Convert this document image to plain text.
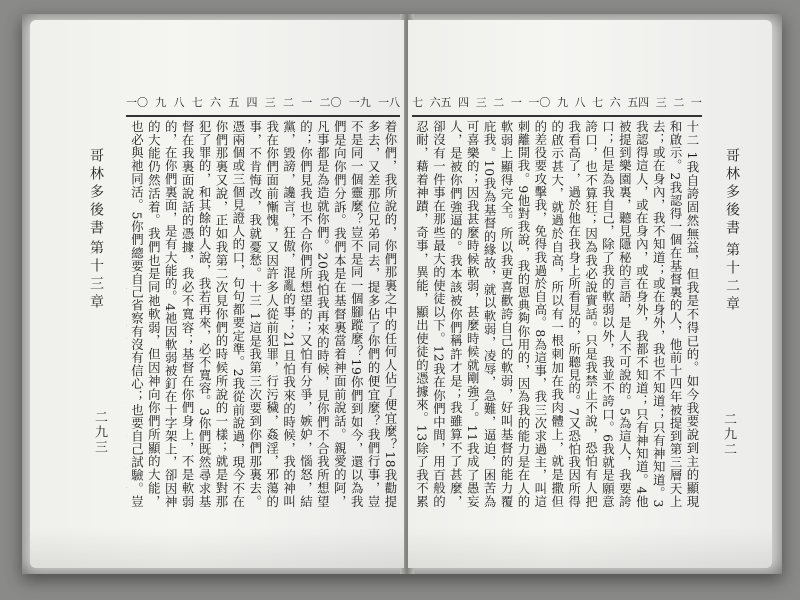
一〇 九 八 七 六 五 四 三 二 一 二〇 一九 一八
哥林多後書
第十三章
二九三	着你們，我所說的，你們那裏之中的任何人佔了便宜麼？18我勸提多去，又差那位兄弟同去，提多佔了你們的便宜麼？我們行事，豈不是同一個靈麼？豈不是同一個腳蹤麼？19你們到如今，還以為我們是向你們分訴。我們本是在基督裏當着神面前說話。親愛的阿，凡事都是為造就你們。20我怕我再來的時候，見你們不合我所想望的；你們見我也不合你們所想望的；又怕有分爭，嫉妒，惱怒，結黨，毀謗，讒言，狂傲，混亂的事；21且怕我來的時候，我的神叫我在你們面前慚愧，又因許多人從前犯罪，行污穢，姦淫，邪蕩的事，不肯悔改，我就憂愁。十三 1這是我第三次要到你們那裏去。憑兩個或三個見證人的口，句句都要定準。2我從前說過，現今不在你們那裏又說，正如我第二次見你們的時候所說的一樣；就是對那犯了罪的，和其餘的人說，我若再來，必不寬容。3你們既然尋求基督在我裏面說話的憑據，我必不寬容；基督在你們身上，不是軟弱的，在你們裏面，是有大能的。4祂因軟弱被釘在十字架上，卻因神的大能仍然活着。我們也是同祂軟弱，但因神向你們所顯的大能，也必與祂同活。5你們總要自己省察有沒有信心；也要自己試驗。豈
七 六五 四 三 二 一 一〇 九 八 七 六 五四 三 二 一
哥林多後書
第十二章
二九二
十二 1我自誇固然無益，但我是不得已的。如今我要說到主的顯現和啟示。2我認得一個在基督裏的人，他前十四年被提到第三層天上去；或在身內，我不知道；或在身外，我也不知道；只有神知道。3我認得這人，或在身內，或在身外，我都不知道；只有神知道。4他被提到樂園裏，聽見隱秘的言語，是人不可說的。5為這人，我要誇口；但是為我自己，除了我的軟弱以外，我並不誇口。6我就是願意誇口，也不算狂；因為我必說實話。只是我禁止不說，恐怕有人把我看高了，過於他在我身上所看見的，所聽見的。7又恐怕我因所得的啟示甚大，就過於自高，所以有一根刺加在我肉體上，就是撒但的差役要攻擊我，免得我過於自高。8為這事，我三次求過主，叫這刺離開我。9他對我說，我的恩典夠你用的，因為我的能力是在人的軟弱上顯得完全。所以我更喜歡誇自己的軟弱，好叫基督的能力覆庇我。10我為基督的緣故，就以軟弱，凌辱，急難，逼迫，困苦為可喜樂的；因我甚麼時候軟弱，甚麼時候就剛強了。11我成了愚妄人，是被你們強逼的。我本該被你們稱許才是；我雖算不了甚麼，卻沒有一件事在那些最大的使徒以下。12我在你們中間，用百般的忍耐，藉着神蹟，奇事，異能，顯出使徒的憑據來。13除了我不累
